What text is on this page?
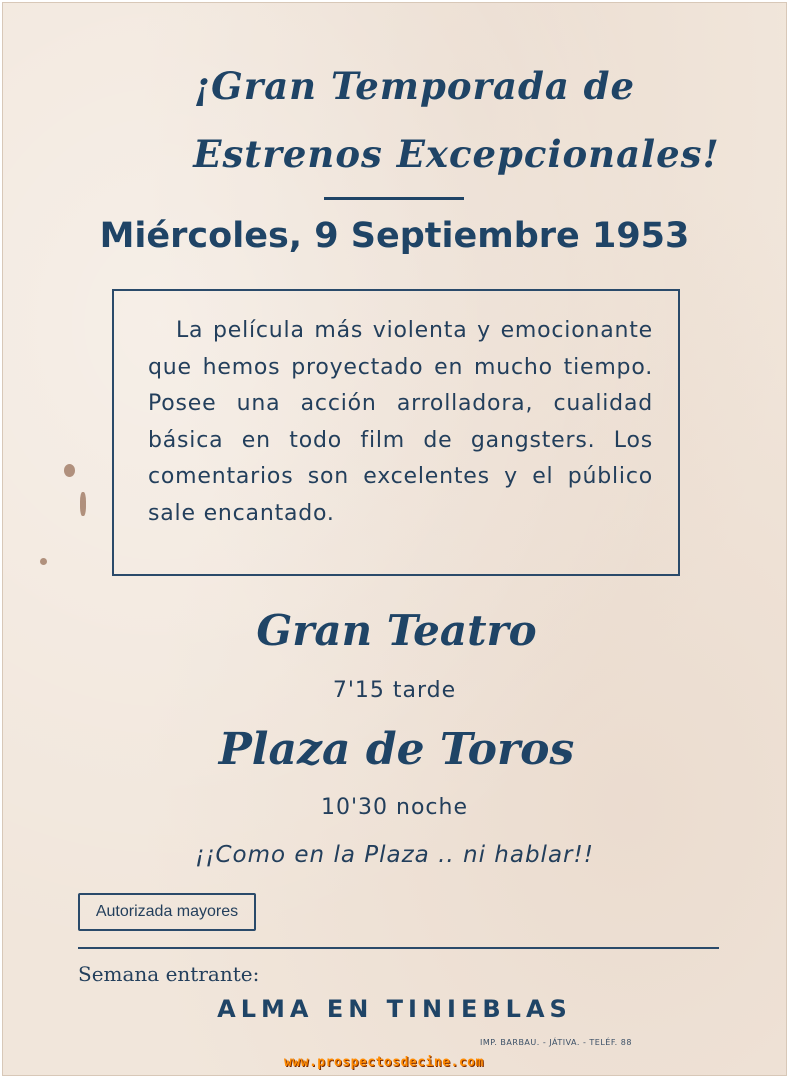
¡Gran Temporada de
Estrenos Excepcionales!
Miércoles, 9 Septiembre 1953
La película más violenta y emocionante que hemos proyectado en mucho tiempo. Posee una acción arrolladora, cualidad básica en todo film de gangsters. Los comentarios son excelentes y el público sale encantado.
Gran Teatro
7'15 tarde
Plaza de Toros
10'30 noche
¡¡Como en la Plaza .. ni hablar!!
Autorizada mayores
Semana entrante:
ALMA EN TINIEBLAS
IMP. BARBAU. - JÁTIVA. - TELÉF. 88
www.prospectosdecine.com
